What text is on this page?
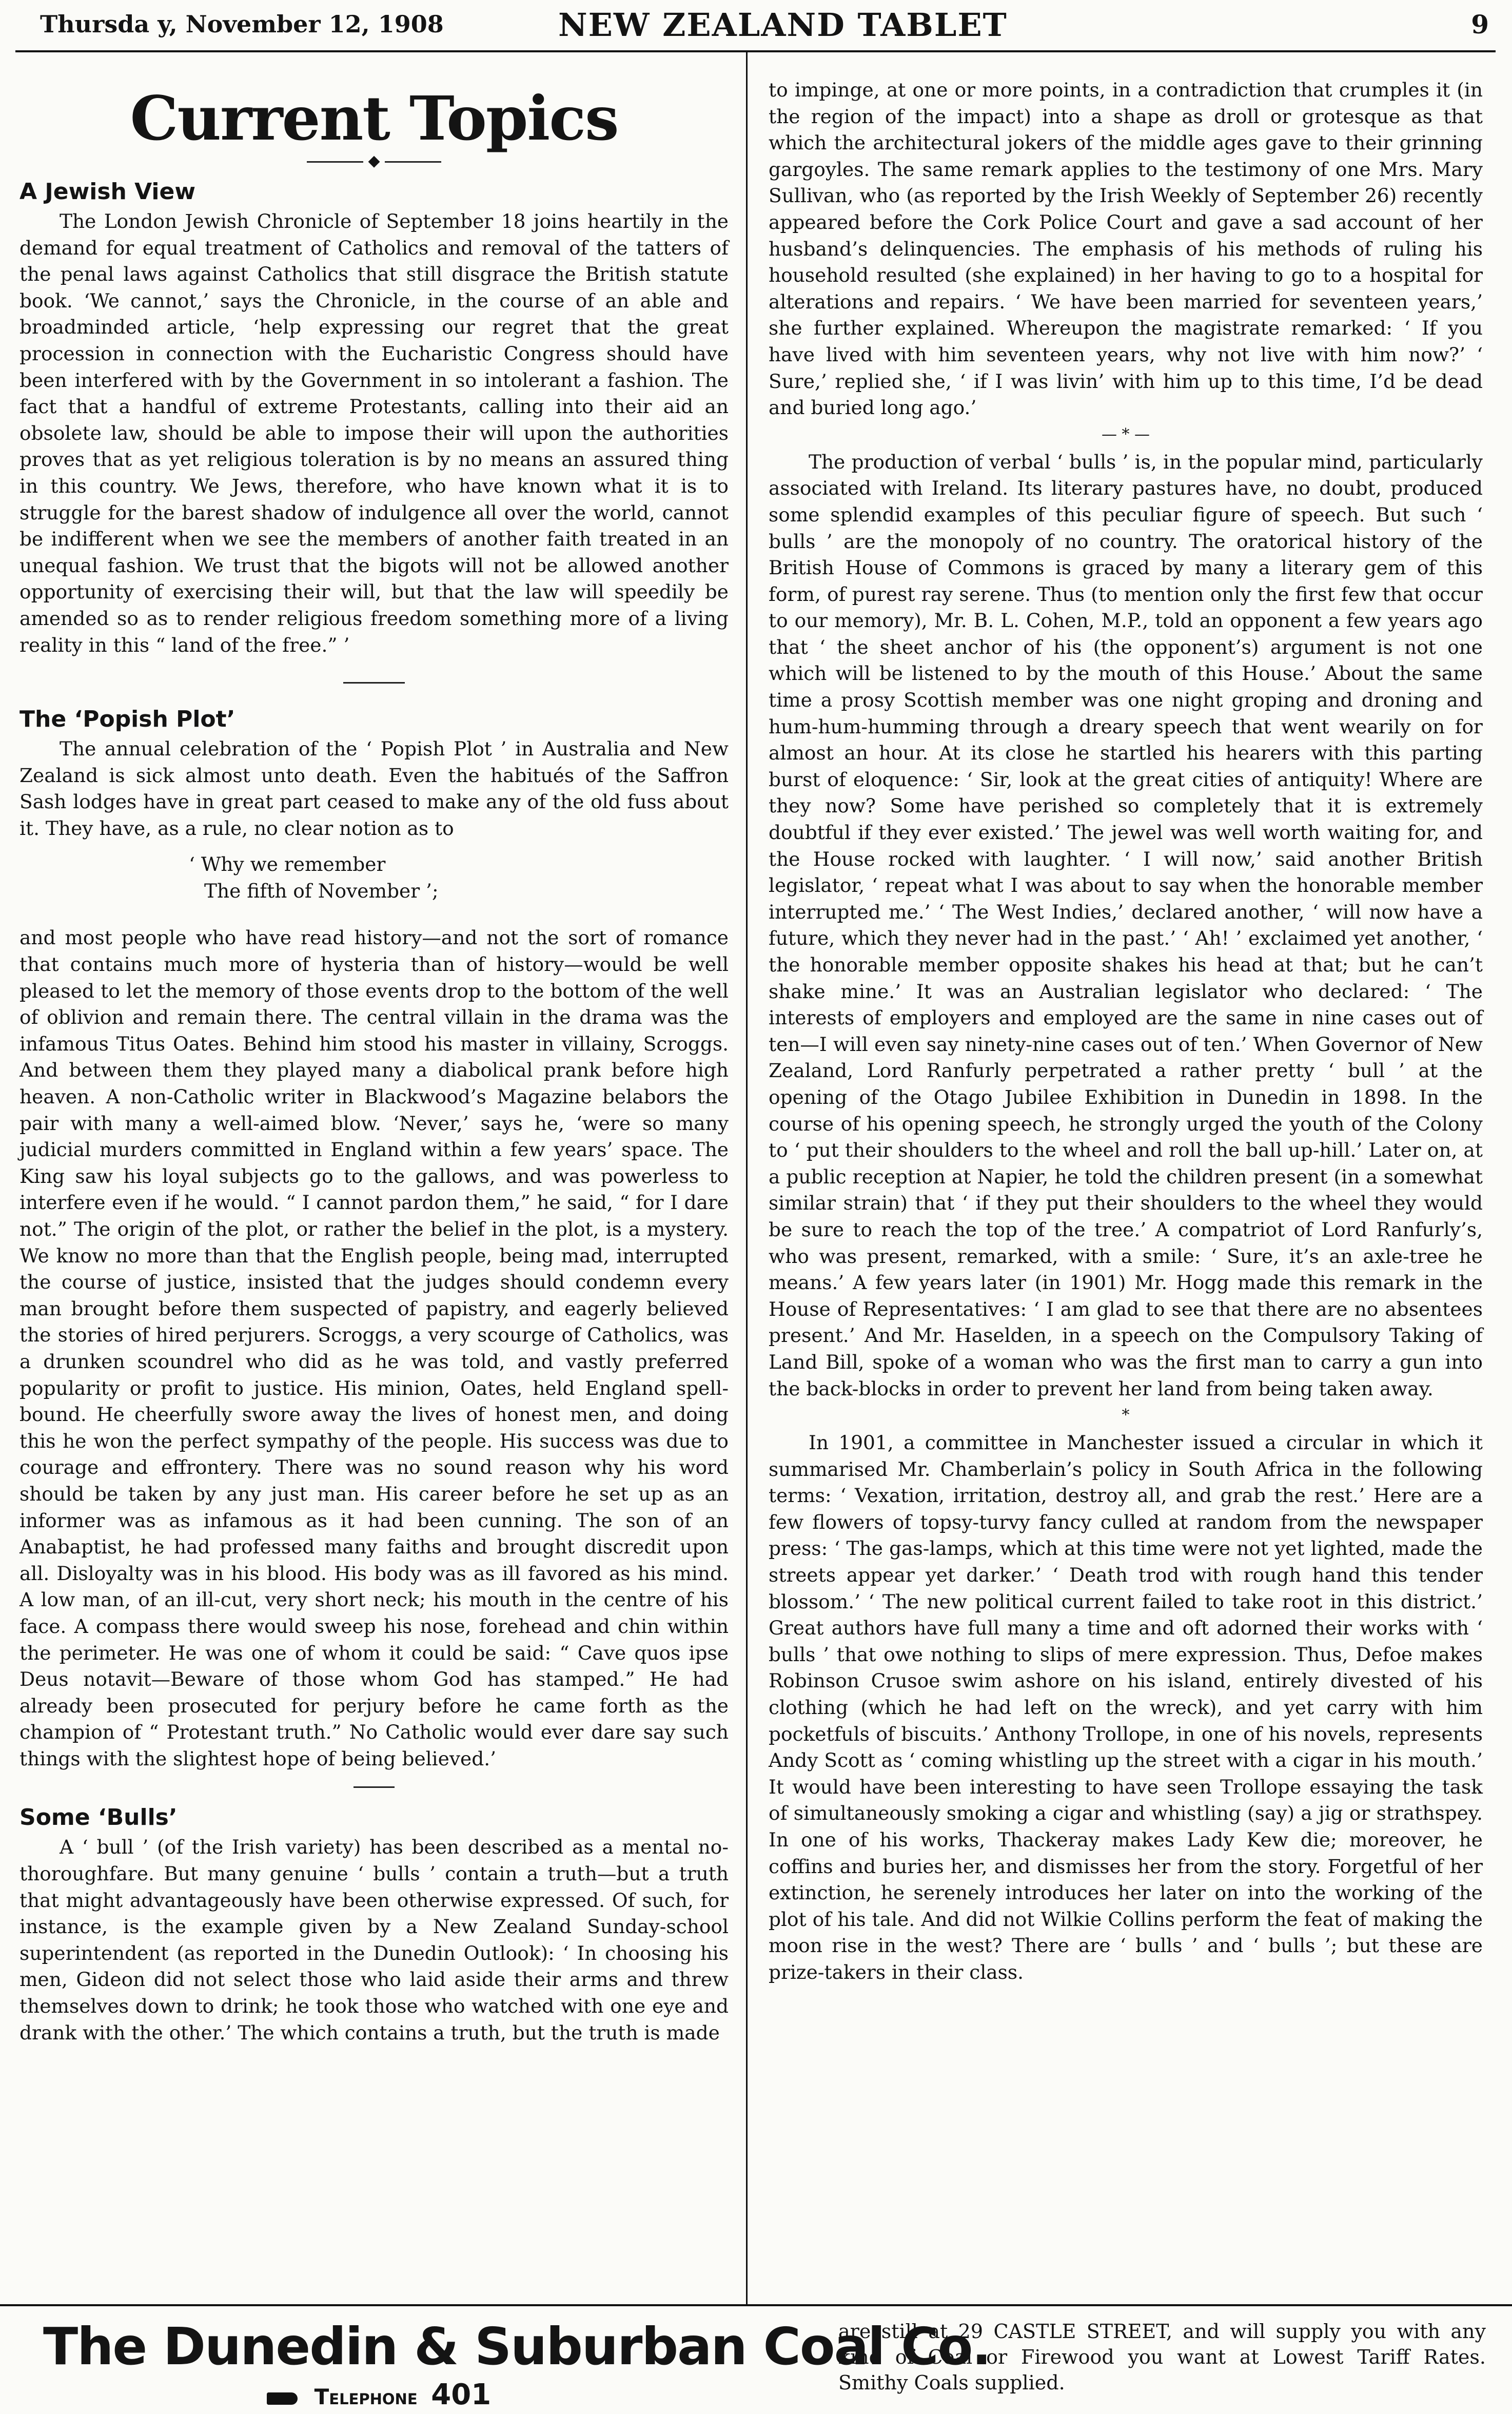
Thursda y, November 12, 1908	NEW ZEALAND TABLET	9
Current Topics
◆
A Jewish View

The London Jewish Chronicle of September 18 joins heartily in the demand for equal treatment of Catholics and removal of the tatters of the penal laws against Catholics that still disgrace the British statute book. ‘We cannot,’ says the Chronicle, in the course of an able and broadminded article, ‘help expressing our regret that the great procession in connection with the Eucharistic Congress should have been interfered with by the Government in so intolerant a fashion. The fact that a handful of extreme Protestants, calling into their aid an obsolete law, should be able to impose their will upon the authorities proves that as yet religious toleration is by no means an assured thing in this country. We Jews, therefore, who have known what it is to struggle for the barest shadow of indulgence all over the world, cannot be indifferent when we see the members of another faith treated in an unequal fashion. We trust that the bigots will not be allowed another opportunity of exercising their will, but that the law will speedily be amended so as to render religious freedom something more of a living reality in this “ land of the free.” ’

The ‘Popish Plot’

The annual celebration of the ‘ Popish Plot ’ in Australia and New Zealand is sick almost unto death. Even the habitués of the Saffron Sash lodges have in great part ceased to make any of the old fuss about it. They have, as a rule, no clear notion as to

‘ Why we remember
The fifth of November ’;

and most people who have read history—and not the sort of romance that contains much more of hysteria than of history—would be well pleased to let the memory of those events drop to the bottom of the well of oblivion and remain there. The central villain in the drama was the infamous Titus Oates. Behind him stood his master in villainy, Scroggs. And between them they played many a diabolical prank before high heaven. A non-Catholic writer in Blackwood’s Magazine belabors the pair with many a well-aimed blow. ‘Never,’ says he, ‘were so many judicial murders committed in England within a few years’ space. The King saw his loyal subjects go to the gallows, and was powerless to interfere even if he would. “ I cannot pardon them,” he said, “ for I dare not.” The origin of the plot, or rather the belief in the plot, is a mystery. We know no more than that the English people, being mad, interrupted the course of justice, insisted that the judges should condemn every man brought before them suspected of papistry, and eagerly believed the stories of hired perjurers. Scroggs, a very scourge of Catholics, was a drunken scoundrel who did as he was told, and vastly preferred popularity or profit to justice. His minion, Oates, held England spell-bound. He cheerfully swore away the lives of honest men, and doing this he won the perfect sympathy of the people. His success was due to courage and effrontery. There was no sound reason why his word should be taken by any just man. His career before he set up as an informer was as infamous as it had been cunning. The son of an Anabaptist, he had professed many faiths and brought discredit upon all. Disloyalty was in his blood. His body was as ill favored as his mind. A low man, of an ill-cut, very short neck; his mouth in the centre of his face. A compass there would sweep his nose, forehead and chin within the perimeter. He was one of whom it could be said: “ Cave quos ipse Deus notavit—Beware of those whom God has stamped.” He had already been prosecuted for perjury before he came forth as the champion of “ Protestant truth.” No Catholic would ever dare say such things with the slightest hope of being believed.’

Some ‘Bulls’

A ‘ bull ’ (of the Irish variety) has been described as a mental no-thoroughfare. But many genuine ‘ bulls ’ contain a truth—but a truth that might advantageously have been otherwise expressed. Of such, for instance, is the example given by a New Zealand Sunday-school superintendent (as reported in the Dunedin Outlook): ‘ In choosing his men, Gideon did not select those who laid aside their arms and threw themselves down to drink; he took those who watched with one eye and drank with the other.’ The which contains a truth, but the truth is made

to impinge, at one or more points, in a contradiction that crumples it (in the region of the impact) into a shape as droll or grotesque as that which the architectural jokers of the middle ages gave to their grinning gargoyles. The same remark applies to the testimony of one Mrs. Mary Sullivan, who (as reported by the Irish Weekly of September 26) recently appeared before the Cork Police Court and gave a sad account of her husband’s delinquencies. The emphasis of his methods of ruling his household resulted (she explained) in her having to go to a hospital for alterations and repairs. ‘ We have been married for seventeen years,’ she further explained. Whereupon the magistrate remarked: ‘ If you have lived with him seventeen years, why not live with him now?’ ‘ Sure,’ replied she, ‘ if I was livin’ with him up to this time, I’d be dead and buried long ago.’

— * —

The production of verbal ‘ bulls ’ is, in the popular mind, particularly associated with Ireland. Its literary pastures have, no doubt, produced some splendid examples of this peculiar figure of speech. But such ‘ bulls ’ are the monopoly of no country. The oratorical history of the British House of Commons is graced by many a literary gem of this form, of purest ray serene. Thus (to mention only the first few that occur to our memory), Mr. B. L. Cohen, M.P., told an opponent a few years ago that ‘ the sheet anchor of his (the opponent’s) argument is not one which will be listened to by the mouth of this House.’ About the same time a prosy Scottish member was one night groping and droning and hum-hum-humming through a dreary speech that went wearily on for almost an hour. At its close he startled his hearers with this parting burst of eloquence: ‘ Sir, look at the great cities of antiquity! Where are they now? Some have perished so completely that it is extremely doubtful if they ever existed.’ The jewel was well worth waiting for, and the House rocked with laughter. ‘ I will now,’ said another British legislator, ‘ repeat what I was about to say when the honorable member interrupted me.’ ‘ The West Indies,’ declared another, ‘ will now have a future, which they never had in the past.’ ‘ Ah! ’ exclaimed yet another, ‘ the honorable member opposite shakes his head at that; but he can’t shake mine.’ It was an Australian legislator who declared: ‘ The interests of employers and employed are the same in nine cases out of ten—I will even say ninety-nine cases out of ten.’ When Governor of New Zealand, Lord Ranfurly perpetrated a rather pretty ‘ bull ’ at the opening of the Otago Jubilee Exhibition in Dunedin in 1898. In the course of his opening speech, he strongly urged the youth of the Colony to ‘ put their shoulders to the wheel and roll the ball up-hill.’ Later on, at a public reception at Napier, he told the children present (in a somewhat similar strain) that ‘ if they put their shoulders to the wheel they would be sure to reach the top of the tree.’ A compatriot of Lord Ranfurly’s, who was present, remarked, with a smile: ‘ Sure, it’s an axle-tree he means.’ A few years later (in 1901) Mr. Hogg made this remark in the House of Representatives: ‘ I am glad to see that there are no absentees present.’ And Mr. Haselden, in a speech on the Compulsory Taking of Land Bill, spoke of a woman who was the first man to carry a gun into the back-blocks in order to prevent her land from being taken away.

*

In 1901, a committee in Manchester issued a circular in which it summarised Mr. Chamberlain’s policy in South Africa in the following terms: ‘ Vexation, irritation, destroy all, and grab the rest.’ Here are a few flowers of topsy-turvy fancy culled at random from the newspaper press: ‘ The gas-lamps, which at this time were not yet lighted, made the streets appear yet darker.’ ‘ Death trod with rough hand this tender blossom.’ ‘ The new political current failed to take root in this district.’ Great authors have full many a time and oft adorned their works with ‘ bulls ’ that owe nothing to slips of mere expression. Thus, Defoe makes Robinson Crusoe swim ashore on his island, entirely divested of his clothing (which he had left on the wreck), and yet carry with him pocketfuls of biscuits.’ Anthony Trollope, in one of his novels, represents Andy Scott as ‘ coming whistling up the street with a cigar in his mouth.’ It would have been interesting to have seen Trollope essaying the task of simultaneously smoking a cigar and whistling (say) a jig or strathspey. In one of his works, Thackeray makes Lady Kew die; moreover, he coffins and buries her, and dismisses her from the story. Forgetful of her extinction, he serenely introduces her later on into the working of the plot of his tale. And did not Wilkie Collins perform the feat of making the moon rise in the west? There are ‘ bulls ’ and ‘ bulls ’; but these are prize-takers in their class.

The Dunedin & Suburban Coal Co.
Telephone 401
are still at 29 CASTLE STREET, and will supply you with any kind of Coal or Firewood you want at Lowest Tariff Rates. Smithy Coals supplied.
